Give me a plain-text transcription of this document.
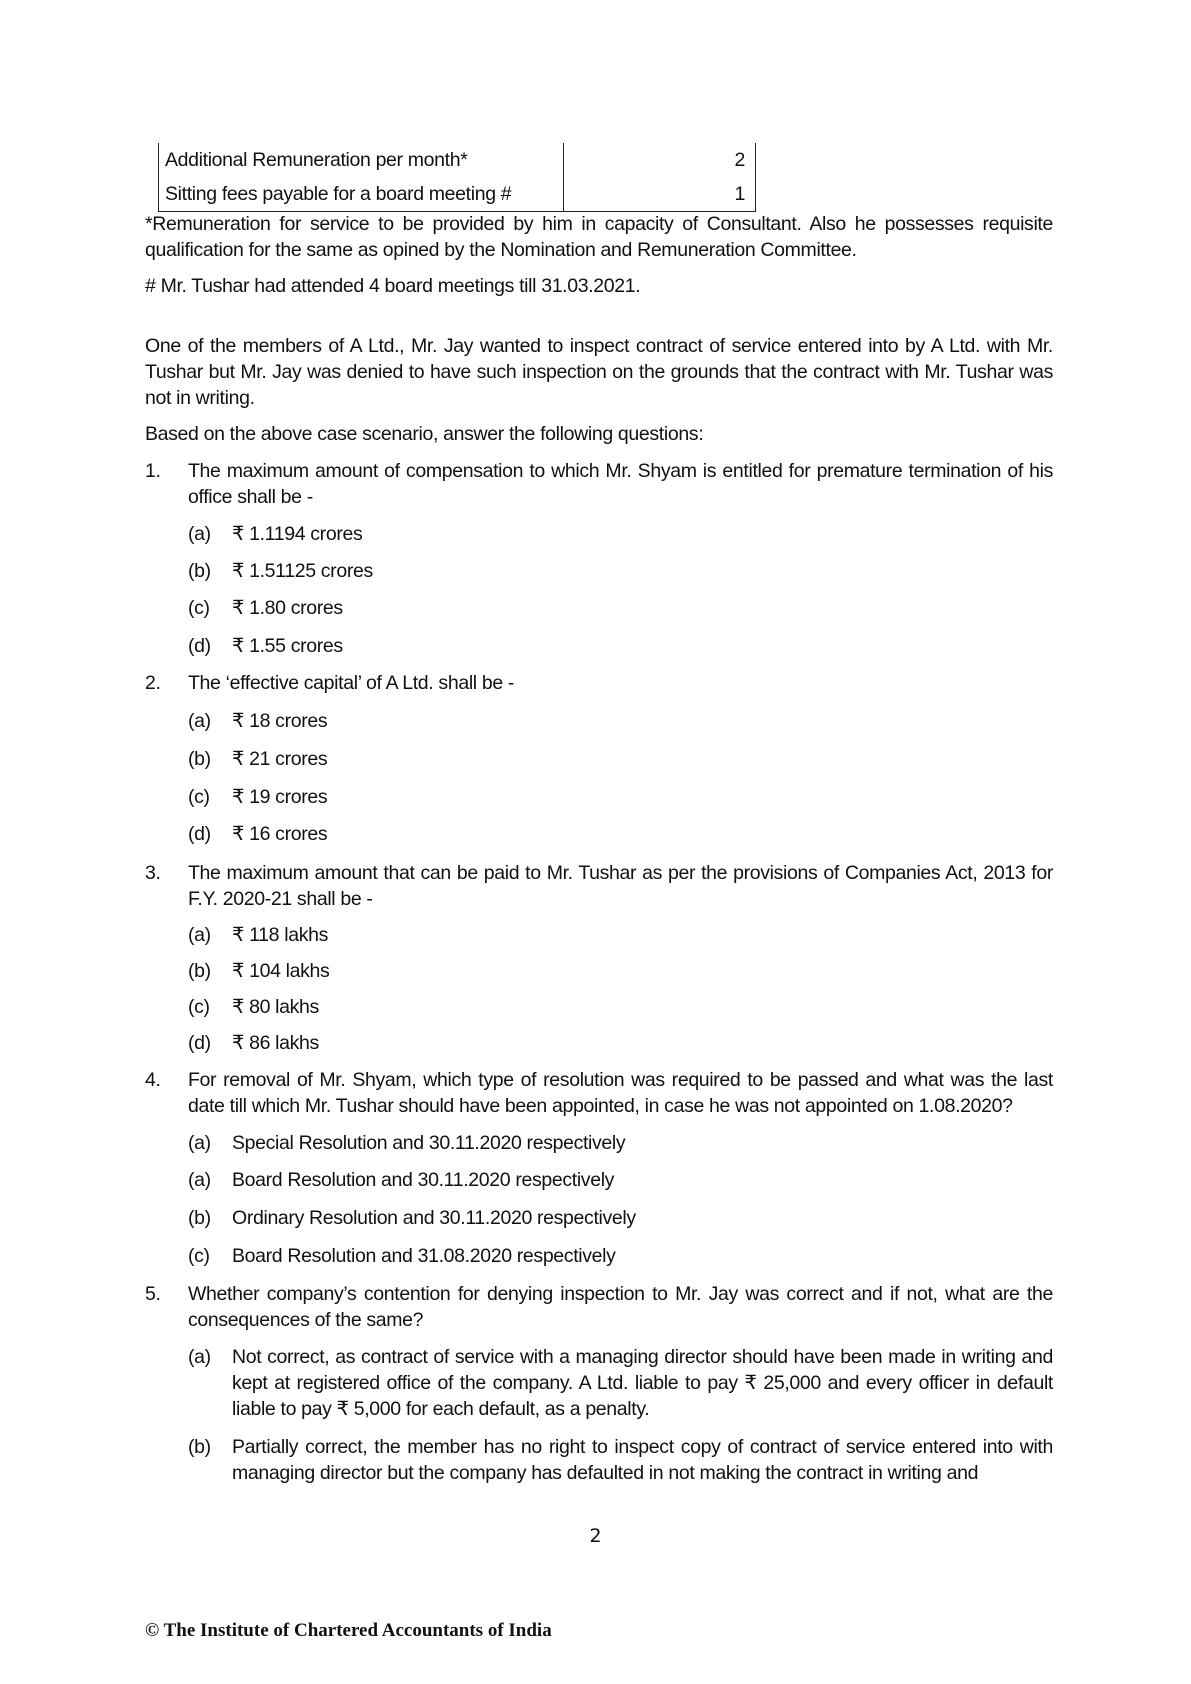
Additional Remuneration per month*	2
Sitting fees payable for a board meeting #	1
*Remuneration for service to be provided by him in capacity of Consultant. Also he possesses requisite qualification for the same as opined by the Nomination and Remuneration Committee.
# Mr. Tushar had attended 4 board meetings till 31.03.2021.
One of the members of A Ltd., Mr. Jay wanted to inspect contract of service entered into by A Ltd. with Mr. Tushar but Mr. Jay was denied to have such inspection on the grounds that the contract with Mr. Tushar was not in writing.
Based on the above case scenario, answer the following questions:
1. The maximum amount of compensation to which Mr. Shyam is entitled for premature termination of his office shall be -
(a) ₹ 1.1194 crores
(b) ₹ 1.51125 crores
(c) ₹ 1.80 crores
(d) ₹ 1.55 crores
2. The ‘effective capital’ of A Ltd. shall be -
(a) ₹ 18 crores
(b) ₹ 21 crores
(c) ₹ 19 crores
(d) ₹ 16 crores
3. The maximum amount that can be paid to Mr. Tushar as per the provisions of Companies Act, 2013 for F.Y. 2020-21 shall be -
(a) ₹ 118 lakhs
(b) ₹ 104 lakhs
(c) ₹ 80 lakhs
(d) ₹ 86 lakhs
4. For removal of Mr. Shyam, which type of resolution was required to be passed and what was the last date till which Mr. Tushar should have been appointed, in case he was not appointed on 1.08.2020?
(a) Special Resolution and 30.11.2020 respectively
(a) Board Resolution and 30.11.2020 respectively
(b) Ordinary Resolution and 30.11.2020 respectively
(c) Board Resolution and 31.08.2020 respectively
5. Whether company’s contention for denying inspection to Mr. Jay was correct and if not, what are the consequences of the same?
(a) Not correct, as contract of service with a managing director should have been made in writing and kept at registered office of the company. A Ltd. liable to pay ₹ 25,000 and every officer in default liable to pay ₹ 5,000 for each default, as a penalty.
(b) Partially correct, the member has no right to inspect copy of contract of service entered into with managing director but the company has defaulted in not making the contract in writing and
2
© The Institute of Chartered Accountants of India
